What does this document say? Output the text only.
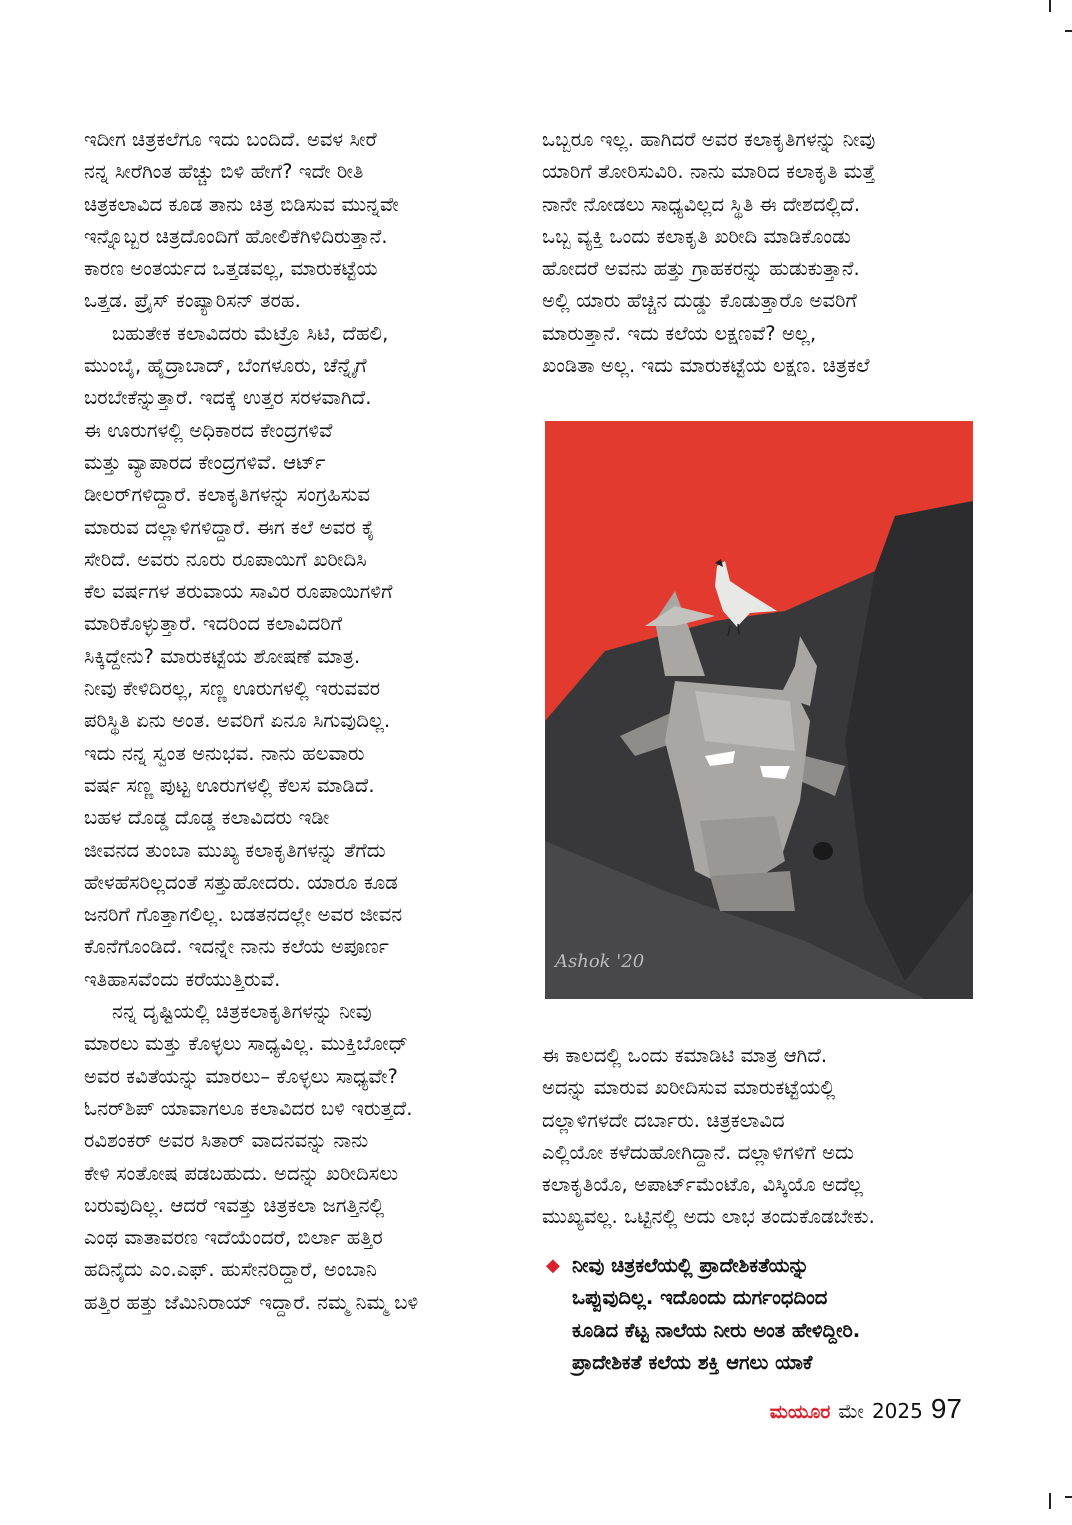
ಇದೀಗ ಚಿತ್ರಕಲೆಗೂ ಇದು ಬಂದಿದೆ. ಅವಳ ಸೀರೆ
ನನ್ನ ಸೀರೆಗಿಂತ ಹೆಚ್ಚು ಬಿಳಿ ಹೇಗೆ? ಇದೇ ರೀತಿ
ಚಿತ್ರಕಲಾವಿದ ಕೂಡ ತಾನು ಚಿತ್ರ ಬಿಡಿಸುವ ಮುನ್ನವೇ
ಇನ್ನೊಬ್ಬರ ಚಿತ್ರದೊಂದಿಗೆ ಹೋಲಿಕೆಗಿಳಿದಿರುತ್ತಾನೆ.
ಕಾರಣ ಅಂತರ್ಯದ ಒತ್ತಡವಲ್ಲ, ಮಾರುಕಟ್ಟೆಯ
ಒತ್ತಡ. ಪ್ರೈಸ್ ಕಂಪ್ಯಾರಿಸನ್ ತರಹ.
ಬಹುತೇಕ ಕಲಾವಿದರು ಮೆಟ್ರೊ ಸಿಟಿ, ದೆಹಲಿ,
ಮುಂಬೈ, ಹೈದ್ರಾಬಾದ್, ಬೆಂಗಳೂರು, ಚೆನ್ನೈಗೆ
ಬರಬೇಕೆನ್ನುತ್ತಾರೆ. ಇದಕ್ಕೆ ಉತ್ತರ ಸರಳವಾಗಿದೆ.
ಈ ಊರುಗಳಲ್ಲಿ ಅಧಿಕಾರದ ಕೇಂದ್ರಗಳಿವೆ
ಮತ್ತು ವ್ಯಾಪಾರದ ಕೇಂದ್ರಗಳಿವೆ. ಆರ್ಟ್
ಡೀಲರ್‌ಗಳಿದ್ದಾರೆ. ಕಲಾಕೃತಿಗಳನ್ನು ಸಂಗ್ರಹಿಸುವ
ಮಾರುವ ದಲ್ಲಾಳಿಗಳಿದ್ದಾರೆ. ಈಗ ಕಲೆ ಅವರ ಕೈ
ಸೇರಿದೆ. ಅವರು ನೂರು ರೂಪಾಯಿಗೆ ಖರೀದಿಸಿ
ಕೆಲ ವರ್ಷಗಳ ತರುವಾಯ ಸಾವಿರ ರೂಪಾಯಿಗಳಿಗೆ
ಮಾರಿಕೊಳ್ಳುತ್ತಾರೆ. ಇದರಿಂದ ಕಲಾವಿದರಿಗೆ
ಸಿಕ್ಕಿದ್ದೇನು? ಮಾರುಕಟ್ಟೆಯ ಶೋಷಣೆ ಮಾತ್ರ.
ನೀವು ಕೇಳಿದಿರಲ್ಲ, ಸಣ್ಣ ಊರುಗಳಲ್ಲಿ ಇರುವವರ
ಪರಿಸ್ಥಿತಿ ಏನು ಅಂತ. ಅವರಿಗೆ ಏನೂ ಸಿಗುವುದಿಲ್ಲ.
ಇದು ನನ್ನ ಸ್ವಂತ ಅನುಭವ. ನಾನು ಹಲವಾರು
ವರ್ಷ ಸಣ್ಣ ಪುಟ್ಟ ಊರುಗಳಲ್ಲಿ ಕೆಲಸ ಮಾಡಿದೆ.
ಬಹಳ ದೊಡ್ಡ ದೊಡ್ಡ ಕಲಾವಿದರು ಇಡೀ
ಜೀವನದ ತುಂಬಾ ಮುಖ್ಯ ಕಲಾಕೃತಿಗಳನ್ನು ತೆಗೆದು
ಹೇಳಹೆಸರಿಲ್ಲದಂತೆ ಸತ್ತುಹೋದರು. ಯಾರೂ ಕೂಡ
ಜನರಿಗೆ ಗೊತ್ತಾಗಲಿಲ್ಲ. ಬಡತನದಲ್ಲೇ ಅವರ ಜೀವನ
ಕೊನೆಗೊಂಡಿದೆ. ಇದನ್ನೇ ನಾನು ಕಲೆಯ ಅಪೂರ್ಣ
ಇತಿಹಾಸವೆಂದು ಕರೆಯುತ್ತಿರುವೆ.
ನನ್ನ ದೃಷ್ಟಿಯಲ್ಲಿ ಚಿತ್ರಕಲಾಕೃತಿಗಳನ್ನು ನೀವು
ಮಾರಲು ಮತ್ತು ಕೊಳ್ಳಲು ಸಾಧ್ಯವಿಲ್ಲ. ಮುಕ್ತಿಬೋಧ್
ಅವರ ಕವಿತೆಯನ್ನು ಮಾರಲು– ಕೊಳ್ಳಲು ಸಾಧ್ಯವೇ?
ಓನರ್‌ಶಿಪ್ ಯಾವಾಗಲೂ ಕಲಾವಿದರ ಬಳಿ ಇರುತ್ತದೆ.
ರವಿಶಂಕರ್ ಅವರ ಸಿತಾರ್ ವಾದನವನ್ನು ನಾನು
ಕೇಳಿ ಸಂತೋಷ ಪಡಬಹುದು. ಅದನ್ನು ಖರೀದಿಸಲು
ಬರುವುದಿಲ್ಲ. ಆದರೆ ಇವತ್ತು ಚಿತ್ರಕಲಾ ಜಗತ್ತಿನಲ್ಲಿ
ಎಂಥ ವಾತಾವರಣ ಇದೆಯೆಂದರೆ, ಬಿರ್ಲಾ ಹತ್ತಿರ
ಹದಿನೈದು ಎಂ.ಎಫ್. ಹುಸೇನರಿದ್ದಾರೆ, ಅಂಬಾನಿ
ಹತ್ತಿರ ಹತ್ತು ಜೆಮಿನಿರಾಯ್ ಇದ್ದಾರೆ. ನಮ್ಮ ನಿಮ್ಮ ಬಳಿ
ಒಬ್ಬರೂ ಇಲ್ಲ. ಹಾಗಿದರೆ ಅವರ ಕಲಾಕೃತಿಗಳನ್ನು ನೀವು
ಯಾರಿಗೆ ತೋರಿಸುವಿರಿ. ನಾನು ಮಾರಿದ ಕಲಾಕೃತಿ ಮತ್ತೆ
ನಾನೇ ನೋಡಲು ಸಾಧ್ಯವಿಲ್ಲದ ಸ್ಥಿತಿ ಈ ದೇಶದಲ್ಲಿದೆ.
ಒಬ್ಬ ವ್ಯಕ್ತಿ ಒಂದು ಕಲಾಕೃತಿ ಖರೀದಿ ಮಾಡಿಕೊಂಡು
ಹೋದರೆ ಅವನು ಹತ್ತು ಗ್ರಾಹಕರನ್ನು ಹುಡುಕುತ್ತಾನೆ.
ಅಲ್ಲಿ ಯಾರು ಹೆಚ್ಚಿನ ದುಡ್ಡು ಕೊಡುತ್ತಾರೊ ಅವರಿಗೆ
ಮಾರುತ್ತಾನೆ. ಇದು ಕಲೆಯ ಲಕ್ಷಣವೆ? ಅಲ್ಲ,
ಖಂಡಿತಾ ಅಲ್ಲ. ಇದು ಮಾರುಕಟ್ಟೆಯ ಲಕ್ಷಣ. ಚಿತ್ರಕಲೆ
Ashok '20
ಈ ಕಾಲದಲ್ಲಿ ಒಂದು ಕಮಾಡಿಟಿ ಮಾತ್ರ ಆಗಿದೆ.
ಅದನ್ನು ಮಾರುವ ಖರೀದಿಸುವ ಮಾರುಕಟ್ಟೆಯಲ್ಲಿ
ದಲ್ಲಾಳಿಗಳದೇ ದರ್ಬಾರು. ಚಿತ್ರಕಲಾವಿದ
ಎಲ್ಲಿಯೋ ಕಳೆದುಹೋಗಿದ್ದಾನೆ. ದಲ್ಲಾಳಿಗಳಿಗೆ ಅದು
ಕಲಾಕೃತಿಯೊ, ಅಪಾರ್ಟ್‌ಮೆಂಟೊ, ವಿಸ್ಕಿಯೊ ಅದೆಲ್ಲ
ಮುಖ್ಯವಲ್ಲ. ಒಟ್ಟಿನಲ್ಲಿ ಅದು ಲಾಭ ತಂದುಕೊಡಬೇಕು.
◆ ನೀವು ಚಿತ್ರಕಲೆಯಲ್ಲಿ ಪ್ರಾದೇಶಿಕತೆಯನ್ನು
ಒಪ್ಪುವುದಿಲ್ಲ. ಇದೊಂದು ದುರ್ಗಂಧದಿಂದ
ಕೂಡಿದ ಕೆಟ್ಟ ನಾಲೆಯ ನೀರು ಅಂತ ಹೇಳಿದ್ದೀರಿ.
ಪ್ರಾದೇಶಿಕತೆ ಕಲೆಯ ಶಕ್ತಿ ಆಗಲು ಯಾಕೆ
ಮಯೂರ ಮೇ 2025 97
